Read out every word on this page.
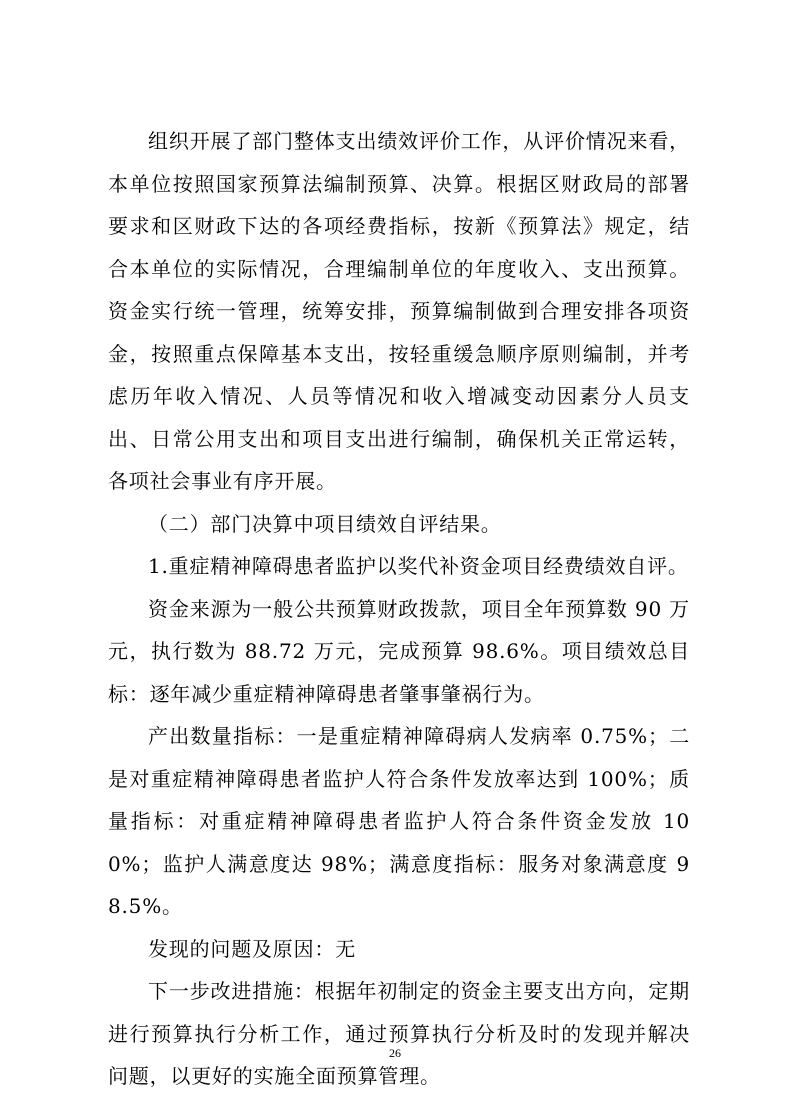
组织开展了部门整体支出绩效评价工作，从评价情况来看，本单位按照国家预算法编制预算、决算。根据区财政局的部署要求和区财政下达的各项经费指标，按新《预算法》规定，结合本单位的实际情况，合理编制单位的年度收入、支出预算。资金实行统一管理，统筹安排，预算编制做到合理安排各项资金，按照重点保障基本支出，按轻重缓急顺序原则编制，并考虑历年收入情况、人员等情况和收入增减变动因素分人员支出、日常公用支出和项目支出进行编制，确保机关正常运转，各项社会事业有序开展。

（二）部门决算中项目绩效自评结果。

1.重症精神障碍患者监护以奖代补资金项目经费绩效自评。

资金来源为一般公共预算财政拨款，项目全年预算数 90 万元，执行数为 88.72 万元，完成预算 98.6%。项目绩效总目标：逐年减少重症精神障碍患者肇事肇祸行为。

产出数量指标：一是重症精神障碍病人发病率 0.75%；二是对重症精神障碍患者监护人符合条件发放率达到 100%；质量指标：对重症精神障碍患者监护人符合条件资金发放 100%；监护人满意度达 98%；满意度指标：服务对象满意度 98.5%。

发现的问题及原因：无

下一步改进措施：根据年初制定的资金主要支出方向，定期进行预算执行分析工作，通过预算执行分析及时的发现并解决问题，以更好的实施全面预算管理。

26
